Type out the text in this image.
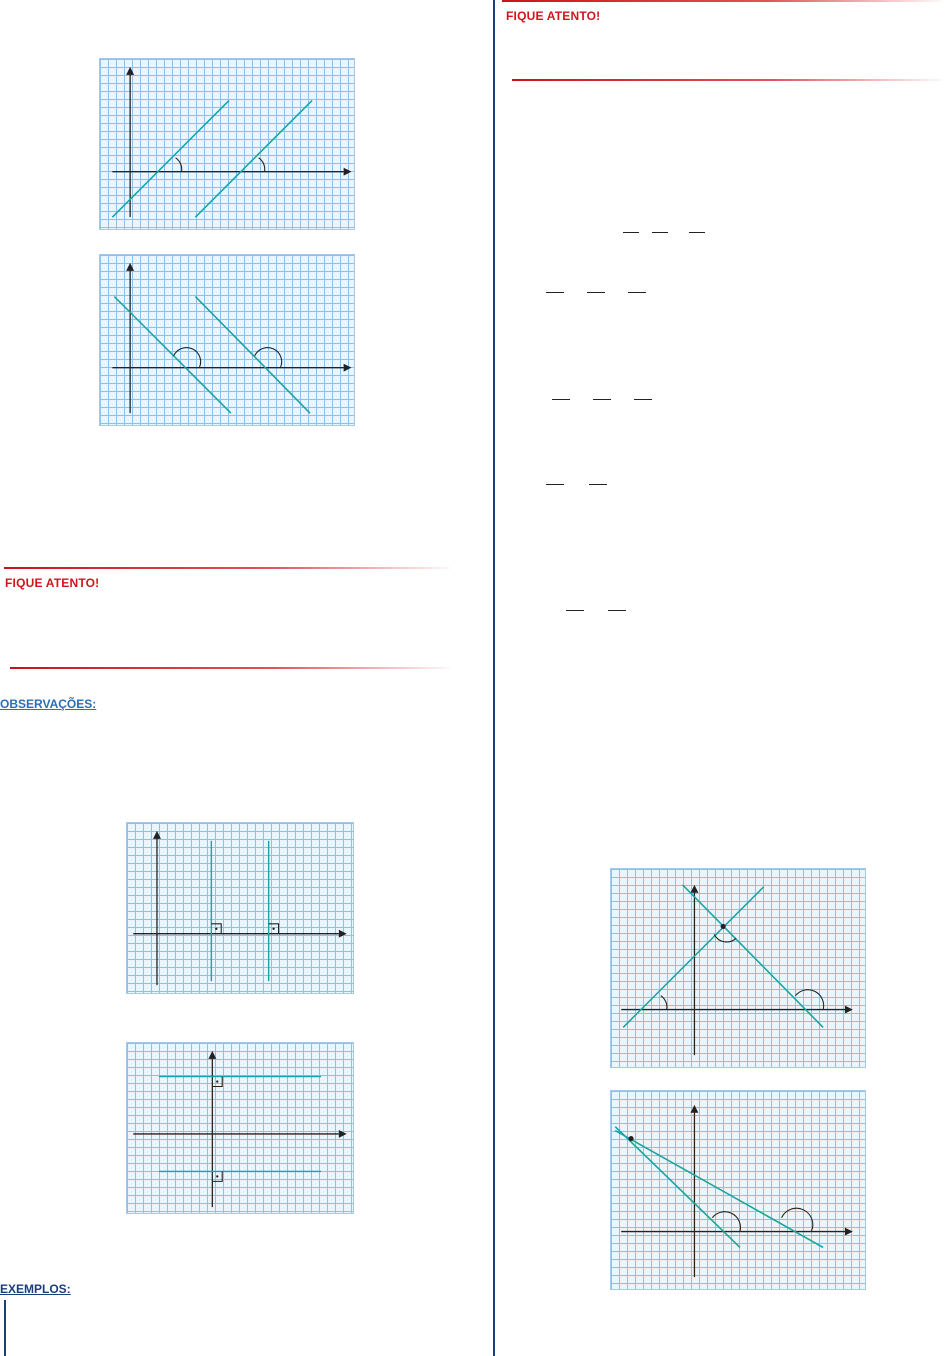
FIQUE ATENTO!
OBSERVAÇÕES:
EXEMPLOS:
FIQUE ATENTO!
